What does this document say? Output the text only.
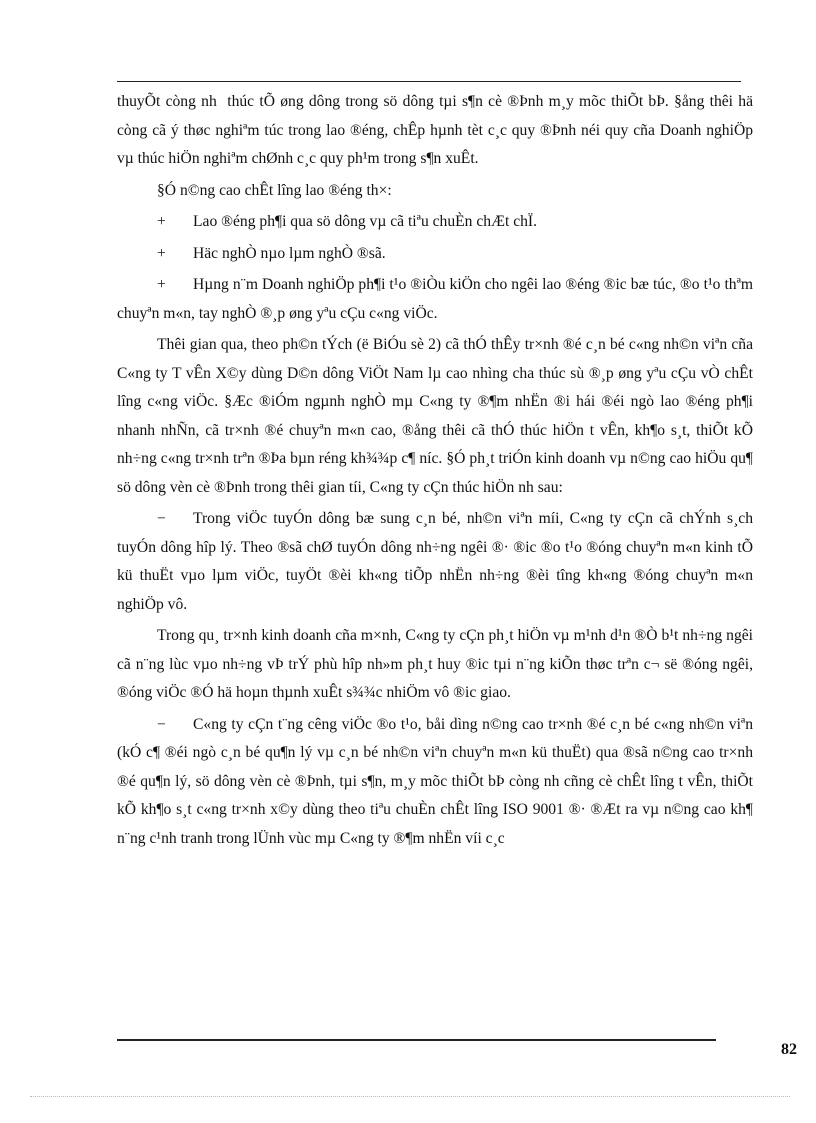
thuyÕt còng nh  thúc tÕ øng dông trong sö dông tµi s¶n cè ®Þnh m¸y mõc thiÕt bÞ. §ång thêi hä còng cã ý thøc nghiªm túc trong lao ®éng, chÊp hµnh tèt c¸c quy ®Þnh néi quy cña Doanh nghiÖp vµ thúc hiÖn nghiªm chØnh c¸c quy ph¹m trong s¶n xuÊt.

§Ó n©ng cao chÊt lîng lao ®éng th×:

+	Lao ®éng ph¶i qua sö dông vµ cã tiªu chuÈn chÆt chÏ.
+	Häc nghÒ nµo lµm nghÒ ®sã.

+ Hµng n¨m Doanh nghiÖp ph¶i t¹o ®iÒu kiÖn cho ngêi lao ®éng ®ic bæ túc, ®o t¹o thªm chuyªn m«n, tay nghÒ ®¸p øng yªu cÇu c«ng viÖc.

Thêi gian qua, theo ph©n tÝch (ë BiÓu sè 2) cã thÓ thÊy tr×nh ®é c¸n bé c«ng nh©n viªn cña C«ng ty T vÊn X©y dùng D©n dông ViÖt Nam lµ cao nhìng cha thúc sù ®¸p øng yªu cÇu vÒ chÊt lîng c«ng viÖc. §Æc ®iÓm ngµnh nghÒ mµ C«ng ty ®¶m nhËn ®i hái ®éi ngò lao ®éng ph¶i nhanh nhÑn, cã tr×nh ®é chuyªn m«n cao, ®ång thêi cã thÓ thúc hiÖn t vÊn, kh¶o s¸t, thiÕt kÕ nh÷ng c«ng tr×nh trªn ®Þa bµn réng kh¾¾p c¶ níc. §Ó ph¸t triÓn kinh doanh vµ n©ng cao hiÖu qu¶ sö dông vèn cè ®Þnh trong thêi gian tíi, C«ng ty cÇn thúc hiÖn nh sau:

− Trong viÖc tuyÓn dông bæ sung c¸n bé, nh©n viªn míi, C«ng ty cÇn cã chÝnh s¸ch tuyÓn dông hîp lý. Theo ®sã chØ tuyÓn dông nh÷ng ngêi ®· ®ic ®o t¹o ®óng chuyªn m«n kinh tÕ kü thuËt vµo lµm viÖc, tuyÖt ®èi kh«ng tiÕp nhËn nh÷ng ®èi tîng kh«ng ®óng chuyªn m«n nghiÖp vô.

Trong qu¸ tr×nh kinh doanh cña m×nh, C«ng ty cÇn ph¸t hiÖn vµ m¹nh d¹n ®Ò b¹t nh÷ng ngêi cã n¨ng lùc vµo nh÷ng vÞ trÝ phù hîp nh»m ph¸t huy ®ic tµi n¨ng kiÕn thøc trªn c¬ së ®óng ngêi, ®óng viÖc ®Ó hä hoµn thµnh xuÊt s¾¾c nhiÖm vô ®ic giao.

− C«ng ty cÇn t¨ng cêng viÖc ®o t¹o, båi dìng n©ng cao tr×nh ®é c¸n bé c«ng nh©n viªn (kÓ c¶ ®éi ngò c¸n bé qu¶n lý vµ c¸n bé nh©n viªn chuyªn m«n kü thuËt) qua ®sã n©ng cao tr×nh ®é qu¶n lý, sö dông vèn cè ®Þnh, tµi s¶n, m¸y mõc thiÕt bÞ còng nh cñng cè chÊt lîng t vÊn, thiÕt kÕ kh¶o s¸t c«ng tr×nh x©y dùng theo tiªu chuÈn chÊt lîng ISO 9001 ®· ®Æt ra vµ n©ng cao kh¶ n¨ng c¹nh tranh trong lÜnh vùc mµ C«ng ty ®¶m nhËn víi c¸c

82
